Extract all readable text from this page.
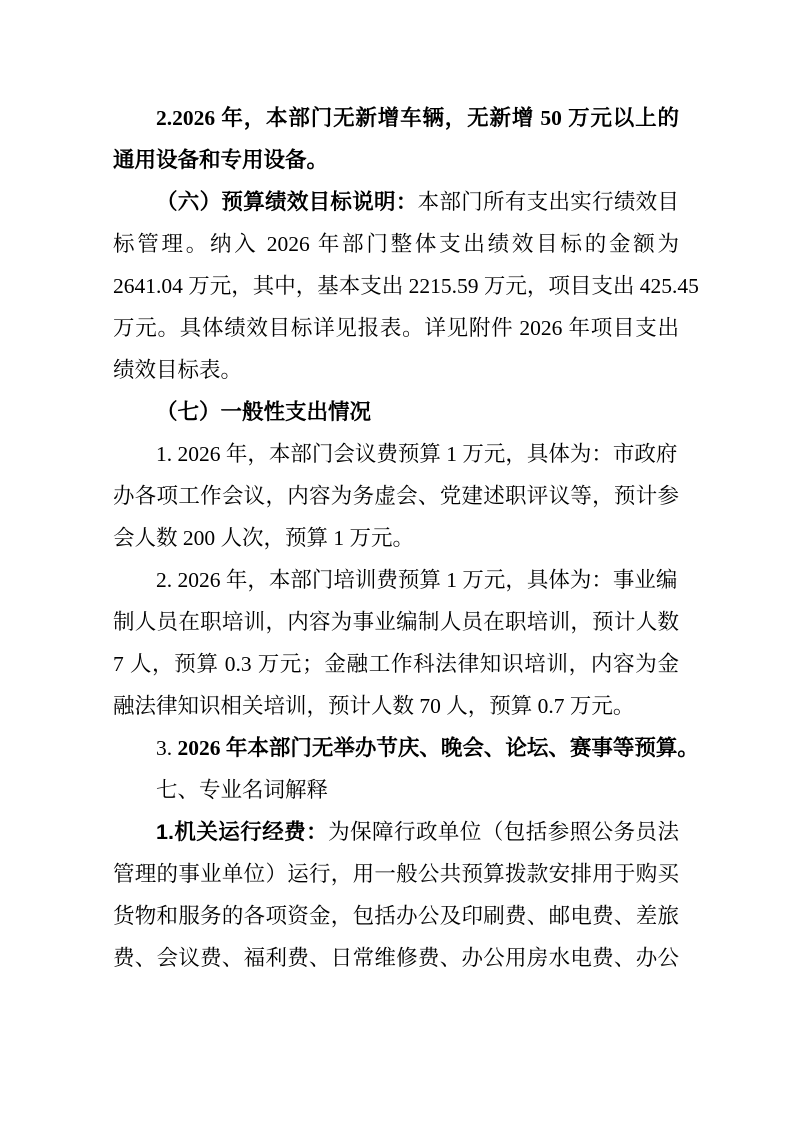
2.2026 年，本部门无新增车辆，无新增 50 万元以上的
通用设备和专用设备。
（六）预算绩效目标说明：本部门所有支出实行绩效目
标管理。纳入 2026 年部门整体支出绩效目标的金额为
2641.04 万元，其中，基本支出 2215.59 万元，项目支出 425.45
万元。具体绩效目标详见报表。详见附件 2026 年项目支出
绩效目标表。
（七）一般性支出情况
1. 2026 年，本部门会议费预算 1 万元，具体为：市政府
办各项工作会议，内容为务虚会、党建述职评议等，预计参
会人数 200 人次，预算 1 万元。
2. 2026 年，本部门培训费预算 1 万元，具体为：事业编
制人员在职培训，内容为事业编制人员在职培训，预计人数
7 人，预算 0.3 万元；金融工作科法律知识培训，内容为金
融法律知识相关培训，预计人数 70 人，预算 0.7 万元。
3. 2026 年本部门无举办节庆、晚会、论坛、赛事等预算。
七、专业名词解释
1.机关运行经费：为保障行政单位（包括参照公务员法
管理的事业单位）运行，用一般公共预算拨款安排用于购买
货物和服务的各项资金，包括办公及印刷费、邮电费、差旅
费、会议费、福利费、日常维修费、办公用房水电费、办公
